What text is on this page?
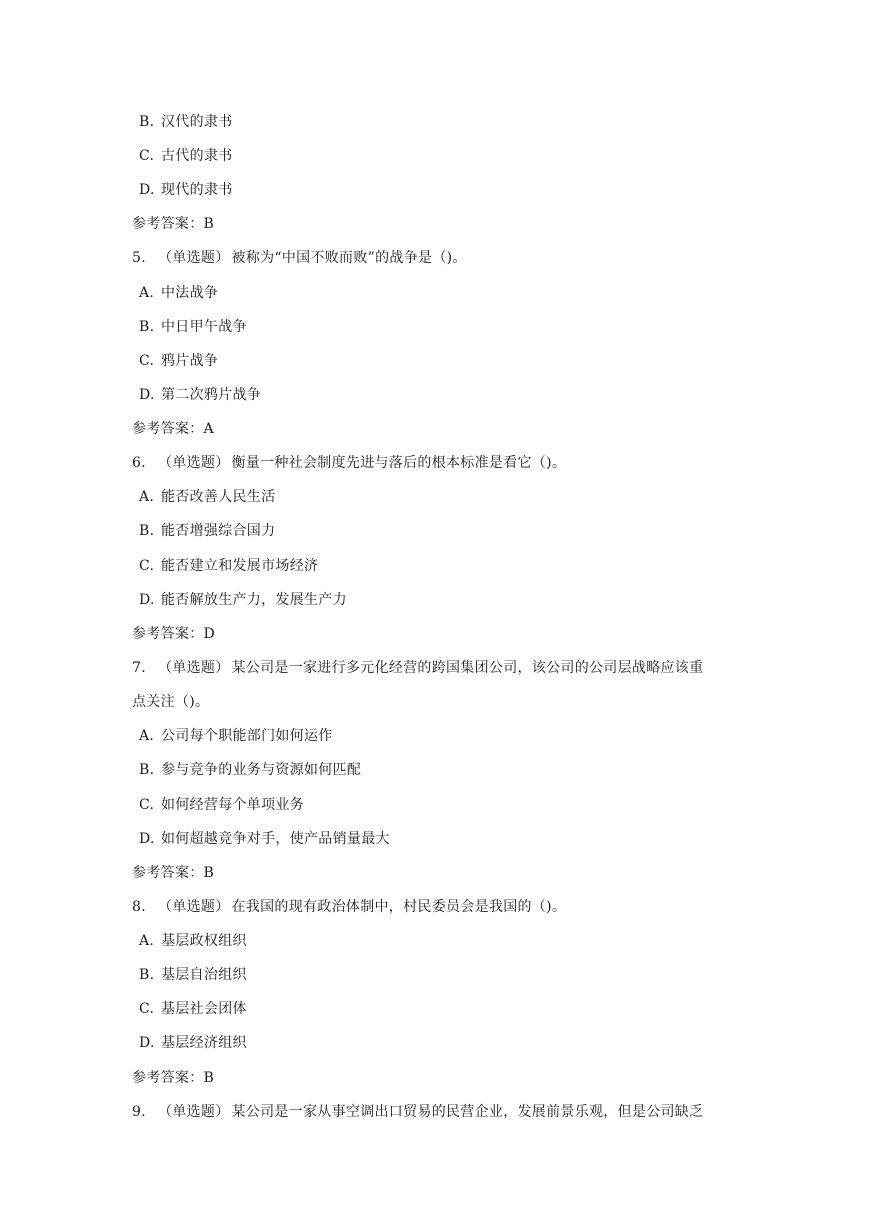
B. 汉代的隶书
C. 古代的隶书
D. 现代的隶书
参考答案：B
5. （单选题） 被称为“中国不败而败”的战争是（)。
A. 中法战争
B. 中日甲午战争
C. 鸦片战争
D. 第二次鸦片战争
参考答案：A
6. （单选题） 衡量一种社会制度先进与落后的根本标准是看它（)。
A. 能否改善人民生活
B. 能否增强综合国力
C. 能否建立和发展市场经济
D. 能否解放生产力，发展生产力
参考答案：D
7. （单选题） 某公司是一家进行多元化经营的跨国集团公司，该公司的公司层战略应该重
点关注（)。
A. 公司每个职能部门如何运作
B. 参与竞争的业务与资源如何匹配
C. 如何经营每个单项业务
D. 如何超越竞争对手，使产品销量最大
参考答案：B
8. （单选题） 在我国的现有政治体制中，村民委员会是我国的（)。
A. 基层政权组织
B. 基层自治组织
C. 基层社会团体
D. 基层经济组织
参考答案：B
9. （单选题） 某公司是一家从事空调出口贸易的民营企业，发展前景乐观，但是公司缺乏
